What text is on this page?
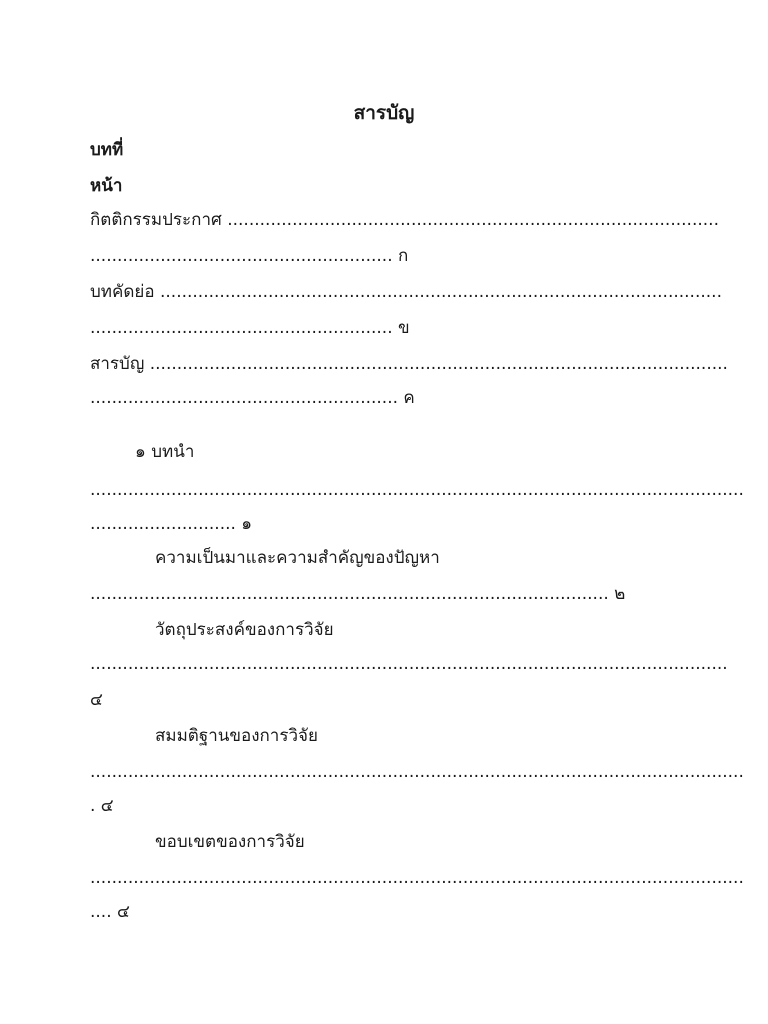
สารบัญ
บทที่
หน้า
กิตติกรรมประกาศ ...........................................................................................
........................................................ ก
บทคัดย่อ ........................................................................................................
........................................................ ข
สารบัญ ...........................................................................................................
......................................................... ค
๑ บทนำ
.........................................................................................................................
........................... ๑
ความเป็นมาและความสำคัญของปัญหา
................................................................................................ ๒
วัตถุประสงค์ของการวิจัย
......................................................................................................................
๔
สมมติฐานของการวิจัย
.........................................................................................................................
. ๔
ขอบเขตของการวิจัย
.........................................................................................................................
.... ๔
